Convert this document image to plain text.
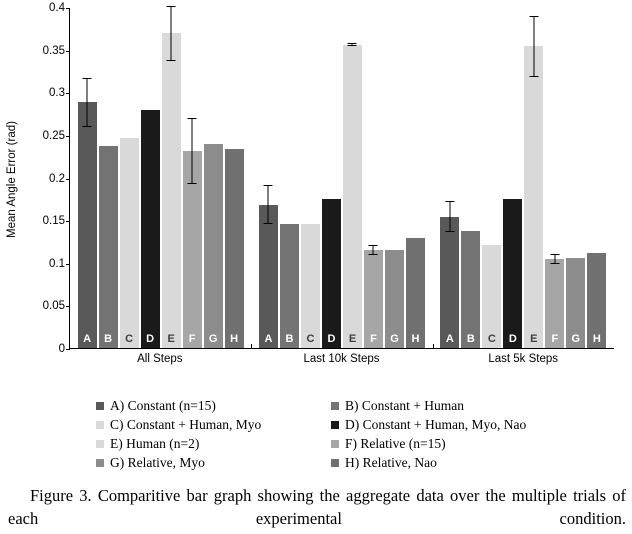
Mean Angle Error (rad)
0
0.05
0.1
0.15
0.2
0.25
0.3
0.35
0.4
A	B	C	D	E	F	G	H	A	B	C	D	E	F	G	H	A	B	C	D	E	F	G	H
All Steps	Last 10k Steps	Last 5k Steps
A) Constant (n=15)	B) Constant + Human
C) Constant + Human, Myo	D) Constant + Human, Myo, Nao
E) Human (n=2)	F) Relative (n=15)
G) Relative, Myo	H) Relative, Nao
Figure 3. Comparitive bar graph showing the aggregate data over the multiple trials of each experimental condition.
